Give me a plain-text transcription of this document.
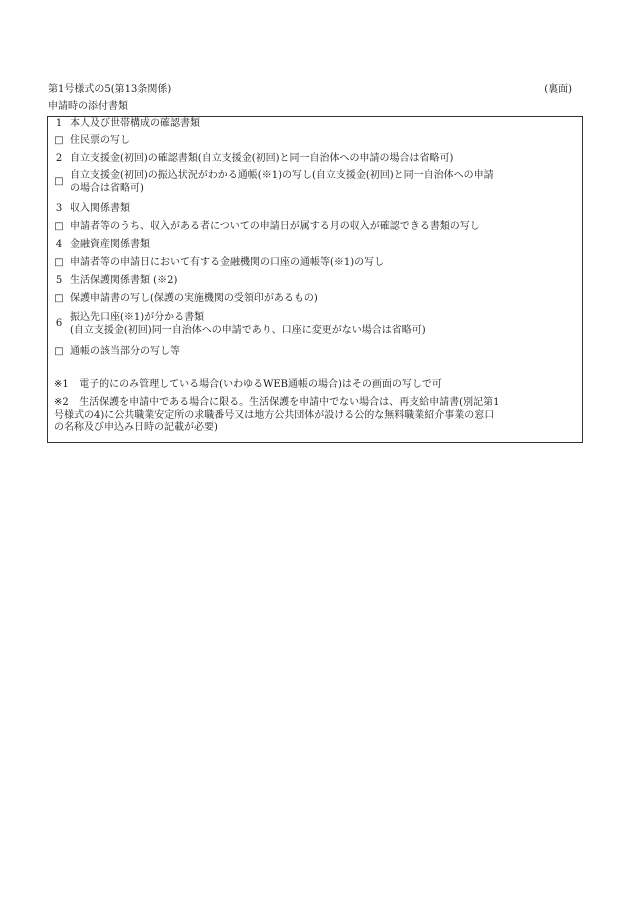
第1号様式の5(第13条関係)	(裏面)
申請時の添付書類
1 本人及び世帯構成の確認書類
□ 住民票の写し
2 自立支援金(初回)の確認書類(自立支援金(初回)と同一自治体への申請の場合は省略可)
□
自立支援金(初回)の振込状況がわかる通帳(※1)の写し(自立支援金(初回)と同一自治体への申請
の場合は省略可)
3 収入関係書類
□ 申請者等のうち、収入がある者についての申請日が属する月の収入が確認できる書類の写し
4 金融資産関係書類
□ 申請者等の申請日において有する金融機関の口座の通帳等(※1)の写し
5 生活保護関係書類 (※2)
□ 保護申請書の写し(保護の実施機関の受領印があるもの)
6
振込先口座(※1)が分かる書類
(自立支援金(初回)同一自治体への申請であり、口座に変更がない場合は省略可)
□ 通帳の該当部分の写し等
※1 電子的にのみ管理している場合(いわゆるWEB通帳の場合)はその画面の写しで可
※2 生活保護を申請中である場合に限る。生活保護を申請中でない場合は、再支給申請書(別記第1
号様式の4)に公共職業安定所の求職番号又は地方公共団体が設ける公的な無料職業紹介事業の窓口
の名称及び申込み日時の記載が必要)
